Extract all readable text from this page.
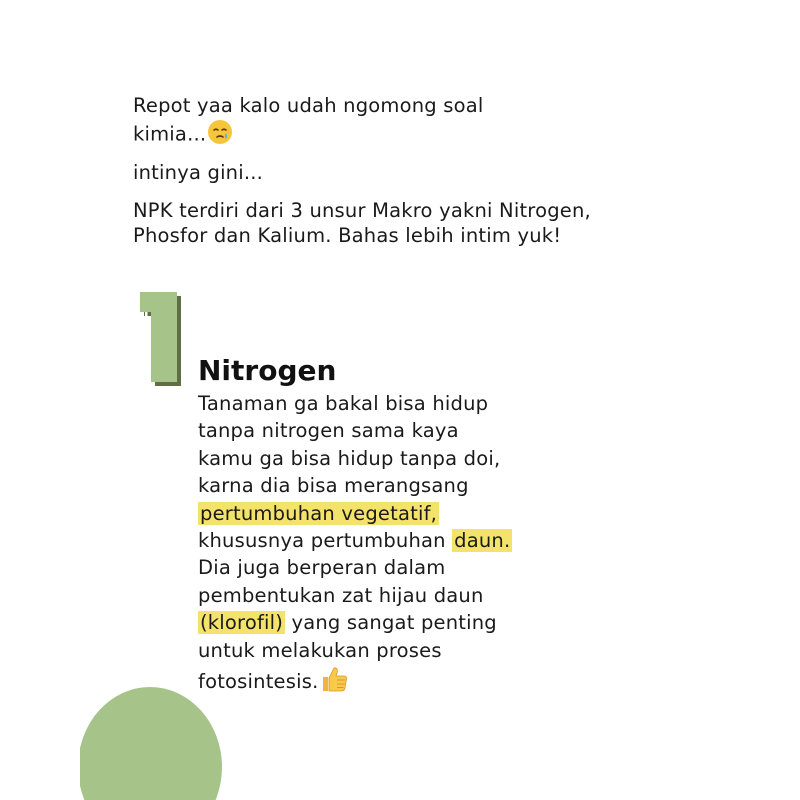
Repot yaa kalo udah ngomong soal
kimia...

intinya gini...

NPK terdiri dari 3 unsur Makro yakni Nitrogen,
Phosfor dan Kalium. Bahas lebih intim yuk!

Nitrogen

Tanaman ga bakal bisa hidup
tanpa nitrogen sama kaya
kamu ga bisa hidup tanpa doi,
karna dia bisa merangsang
pertumbuhan vegetatif,
khususnya pertumbuhan daun.
Dia juga berperan dalam
pembentukan zat hijau daun
(klorofil) yang sangat penting
untuk melakukan proses
fotosintesis.
